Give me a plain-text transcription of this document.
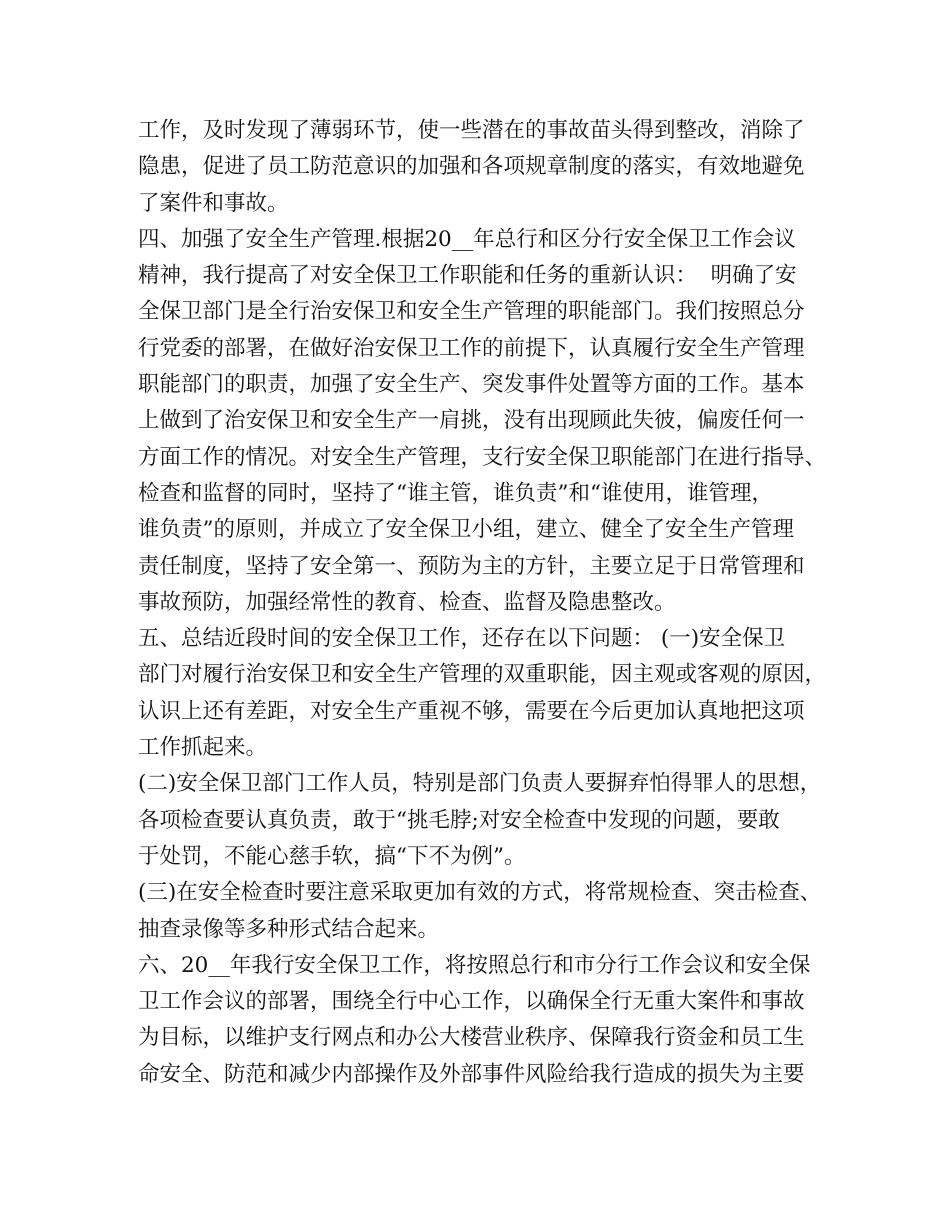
工作，及时发现了薄弱环节，使一些潜在的事故苗头得到整改，消除了
隐患，促进了员工防范意识的加强和各项规章制度的落实，有效地避免
了案件和事故。
四、加强了安全生产管理.根据20__年总行和区分行安全保卫工作会议
精神，我行提高了对安全保卫工作职能和任务的重新认识：  明确了安
全保卫部门是全行治安保卫和安全生产管理的职能部门。我们按照总分
行党委的部署，在做好治安保卫工作的前提下，认真履行安全生产管理
职能部门的职责，加强了安全生产、突发事件处置等方面的工作。基本
上做到了治安保卫和安全生产一肩挑，没有出现顾此失彼，偏废任何一
方面工作的情况。对安全生产管理，支行安全保卫职能部门在进行指导、
检查和监督的同时，坚持了“谁主管，谁负责”和“谁使用，谁管理，
谁负责”的原则，并成立了安全保卫小组，建立、健全了安全生产管理
责任制度，坚持了安全第一、预防为主的方针，主要立足于日常管理和
事故预防，加强经常性的教育、检查、监督及隐患整改。
五、总结近段时间的安全保卫工作，还存在以下问题： (一)安全保卫
部门对履行治安保卫和安全生产管理的双重职能，因主观或客观的原因，
认识上还有差距，对安全生产重视不够，需要在今后更加认真地把这项
工作抓起来。
(二)安全保卫部门工作人员，特别是部门负责人要摒弃怕得罪人的思想，
各项检查要认真负责，敢于“挑毛脖;对安全检查中发现的问题，要敢
于处罚，不能心慈手软，搞“下不为例”。
(三)在安全检查时要注意采取更加有效的方式，将常规检查、突击检查、
抽查录像等多种形式结合起来。
六、20__年我行安全保卫工作，将按照总行和市分行工作会议和安全保
卫工作会议的部署，围绕全行中心工作，以确保全行无重大案件和事故
为目标，以维护支行网点和办公大楼营业秩序、保障我行资金和员工生
命安全、防范和减少内部操作及外部事件风险给我行造成的损失为主要
